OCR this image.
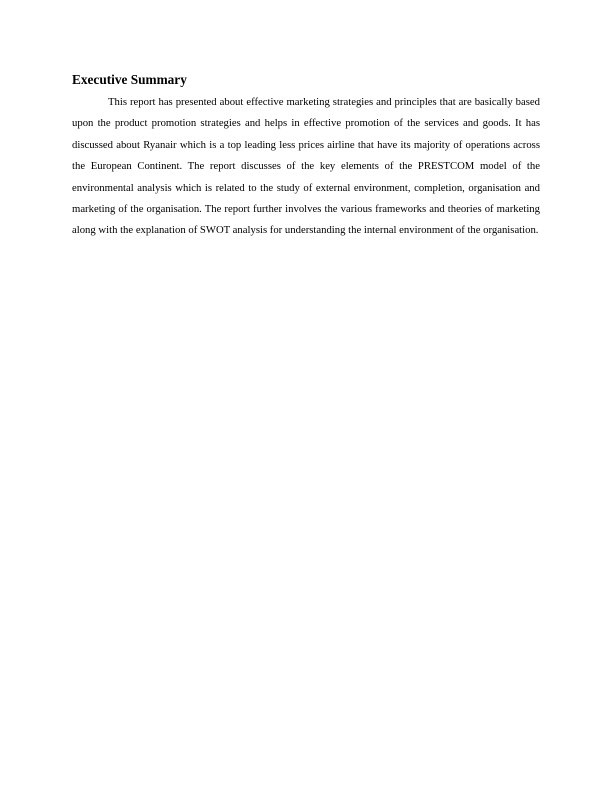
Executive Summary

This report has presented about effective marketing strategies and principles that are basically based upon the product promotion strategies and helps in effective promotion of the services and goods. It has discussed about Ryanair which is a top leading less prices airline that have its majority of operations across the European Continent. The report discusses of the key elements of the PRESTCOM model of the environmental analysis which is related to the study of external environment, completion, organisation and marketing of the organisation. The report further involves the various frameworks and theories of marketing along with the explanation of SWOT analysis for understanding the internal environment of the organisation.
